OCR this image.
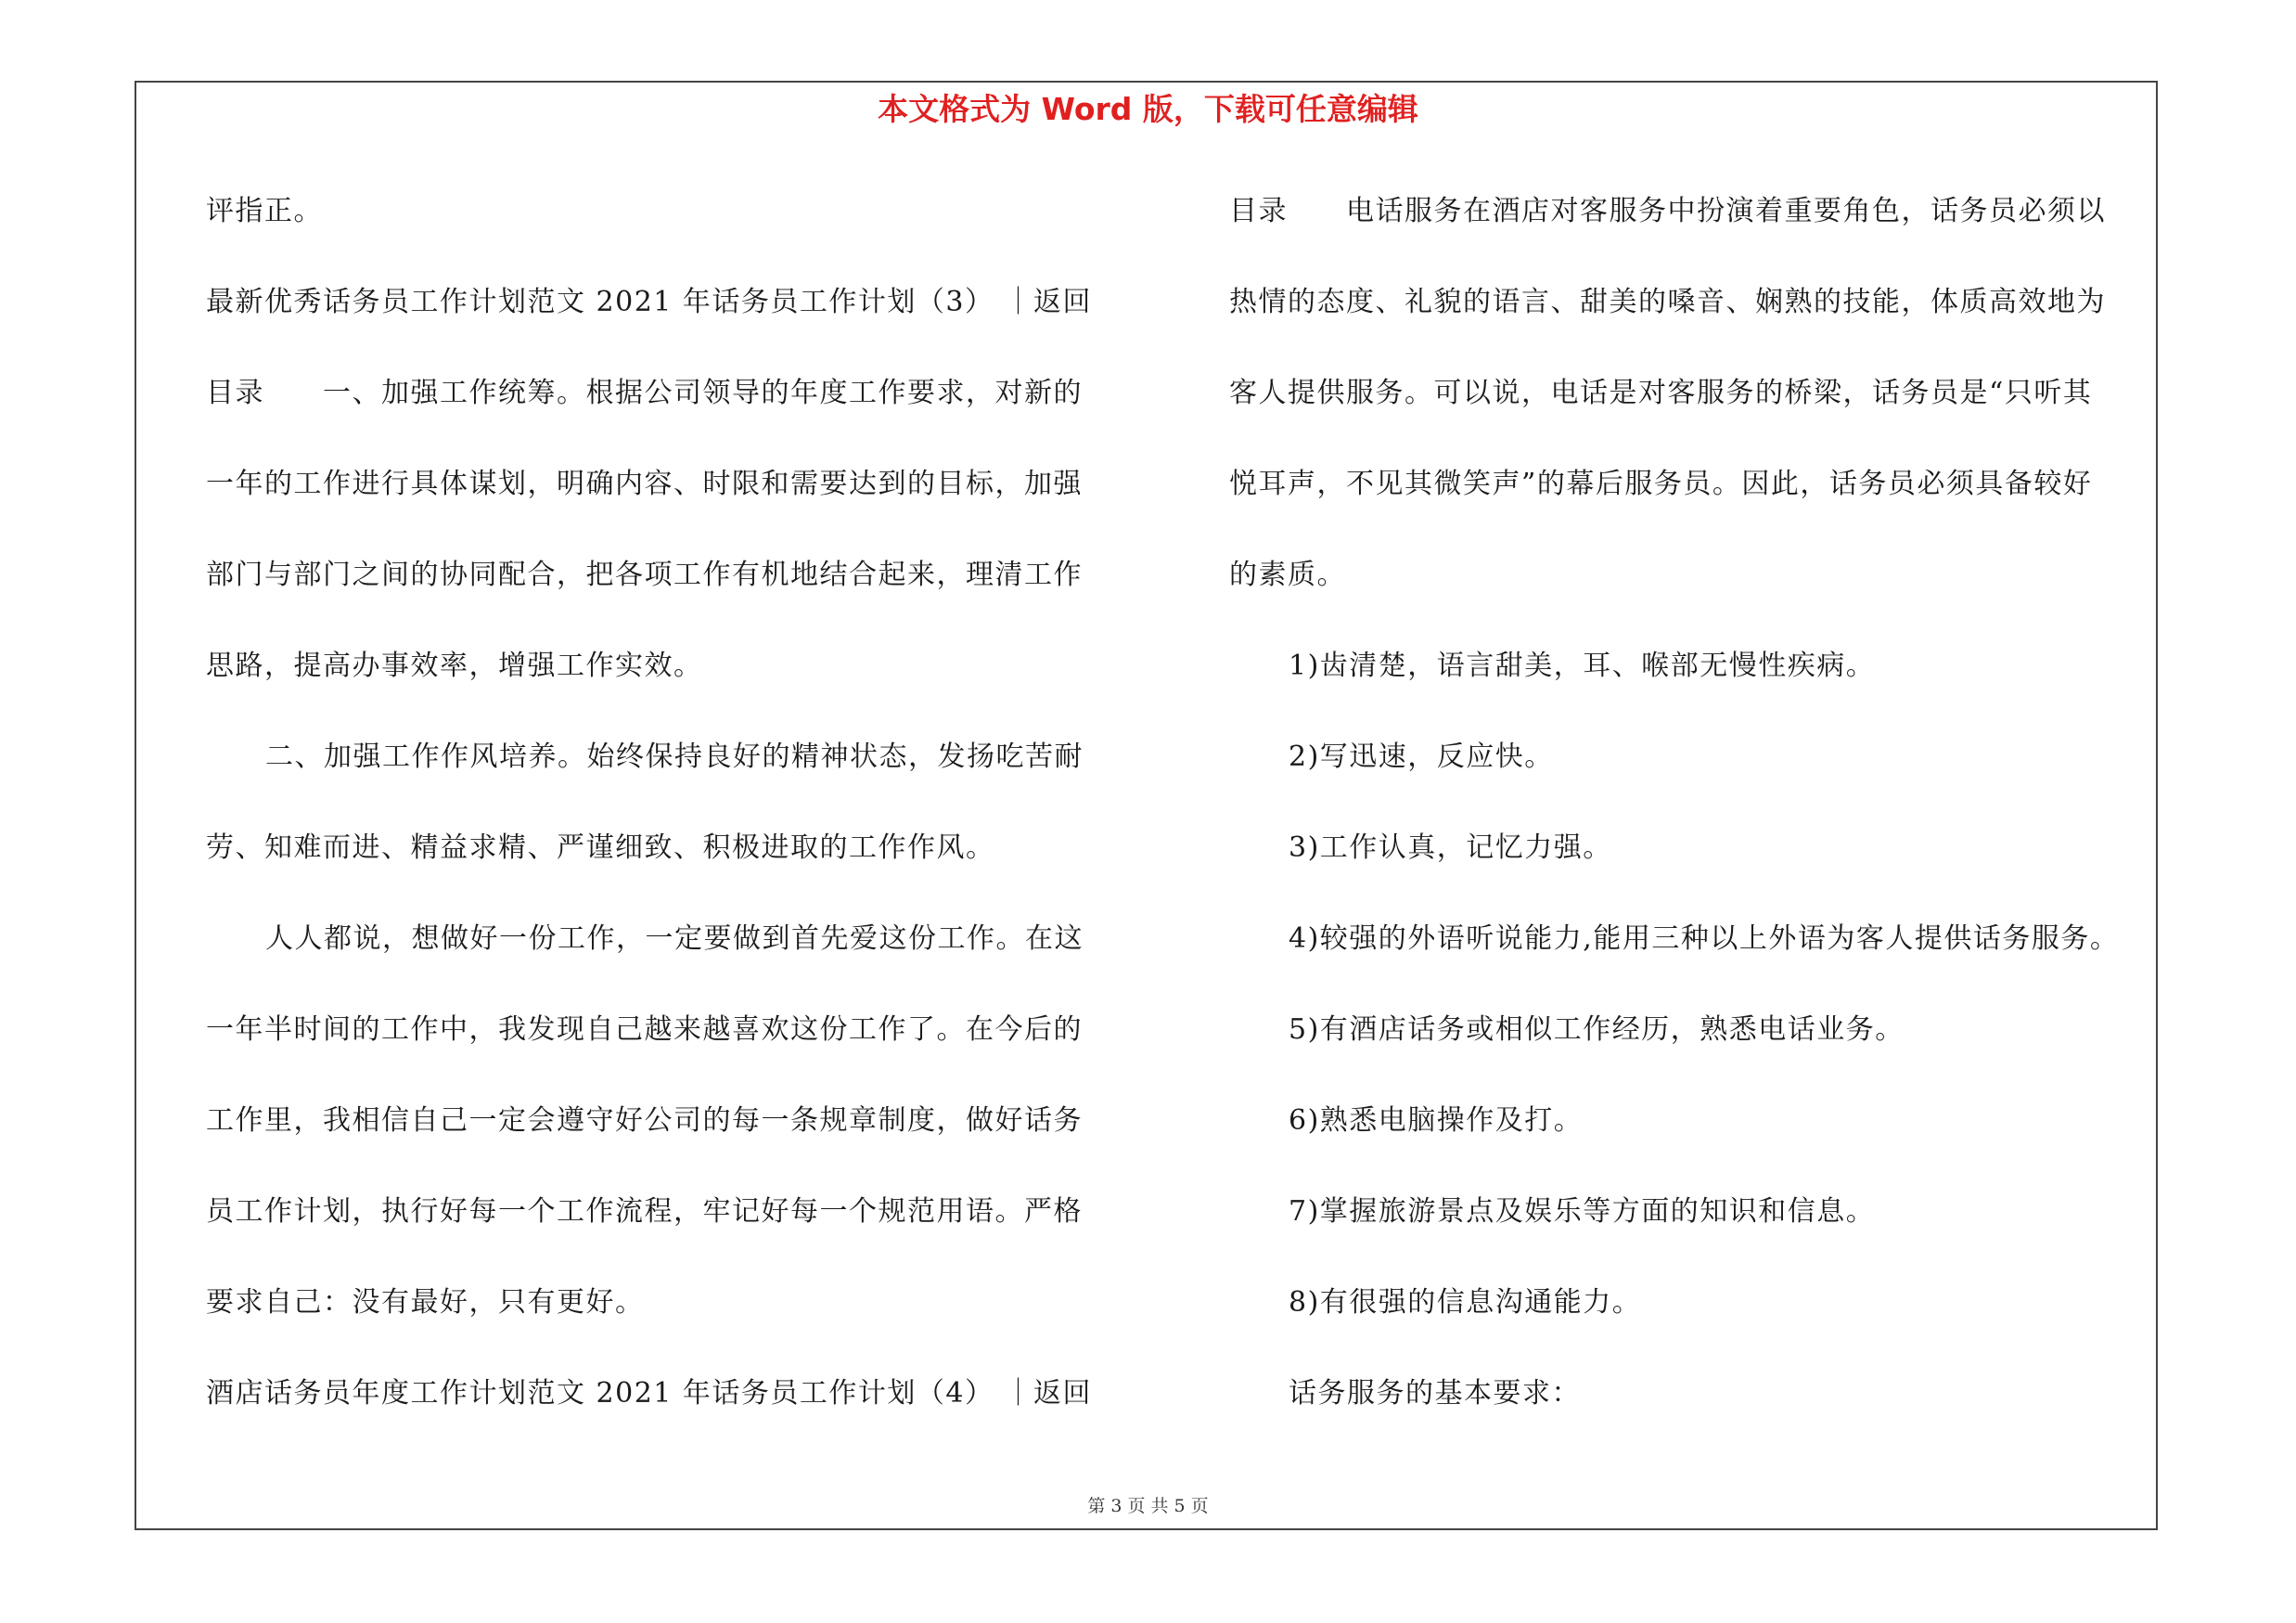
本文格式为 Word 版，下载可任意编辑
评指正。
最新优秀话务员工作计划范文 2021 年话务员工作计划（3） ｜返回
目录　　一、加强工作统筹。根据公司领导的年度工作要求，对新的
一年的工作进行具体谋划，明确内容、时限和需要达到的目标，加强
部门与部门之间的协同配合，把各项工作有机地结合起来，理清工作
思路，提高办事效率，增强工作实效。
二、加强工作作风培养。始终保持良好的精神状态，发扬吃苦耐
劳、知难而进、精益求精、严谨细致、积极进取的工作作风。
人人都说，想做好一份工作，一定要做到首先爱这份工作。在这
一年半时间的工作中，我发现自己越来越喜欢这份工作了。在今后的
工作里，我相信自己一定会遵守好公司的每一条规章制度，做好话务
员工作计划，执行好每一个工作流程，牢记好每一个规范用语。严格
要求自己：没有最好，只有更好。
酒店话务员年度工作计划范文 2021 年话务员工作计划（4） ｜返回
目录　　电话服务在酒店对客服务中扮演着重要角色，话务员必须以
热情的态度、礼貌的语言、甜美的嗓音、娴熟的技能，体质高效地为
客人提供服务。可以说，电话是对客服务的桥梁，话务员是“只听其
悦耳声，不见其微笑声”的幕后服务员。因此，话务员必须具备较好
的素质。
1)齿清楚，语言甜美，耳、喉部无慢性疾病。
2)写迅速，反应快。
3)工作认真，记忆力强。
4)较强的外语听说能力,能用三种以上外语为客人提供话务服务。
5)有酒店话务或相似工作经历，熟悉电话业务。
6)熟悉电脑操作及打。
7)掌握旅游景点及娱乐等方面的知识和信息。
8)有很强的信息沟通能力。
话务服务的基本要求：
第 3 页 共 5 页
